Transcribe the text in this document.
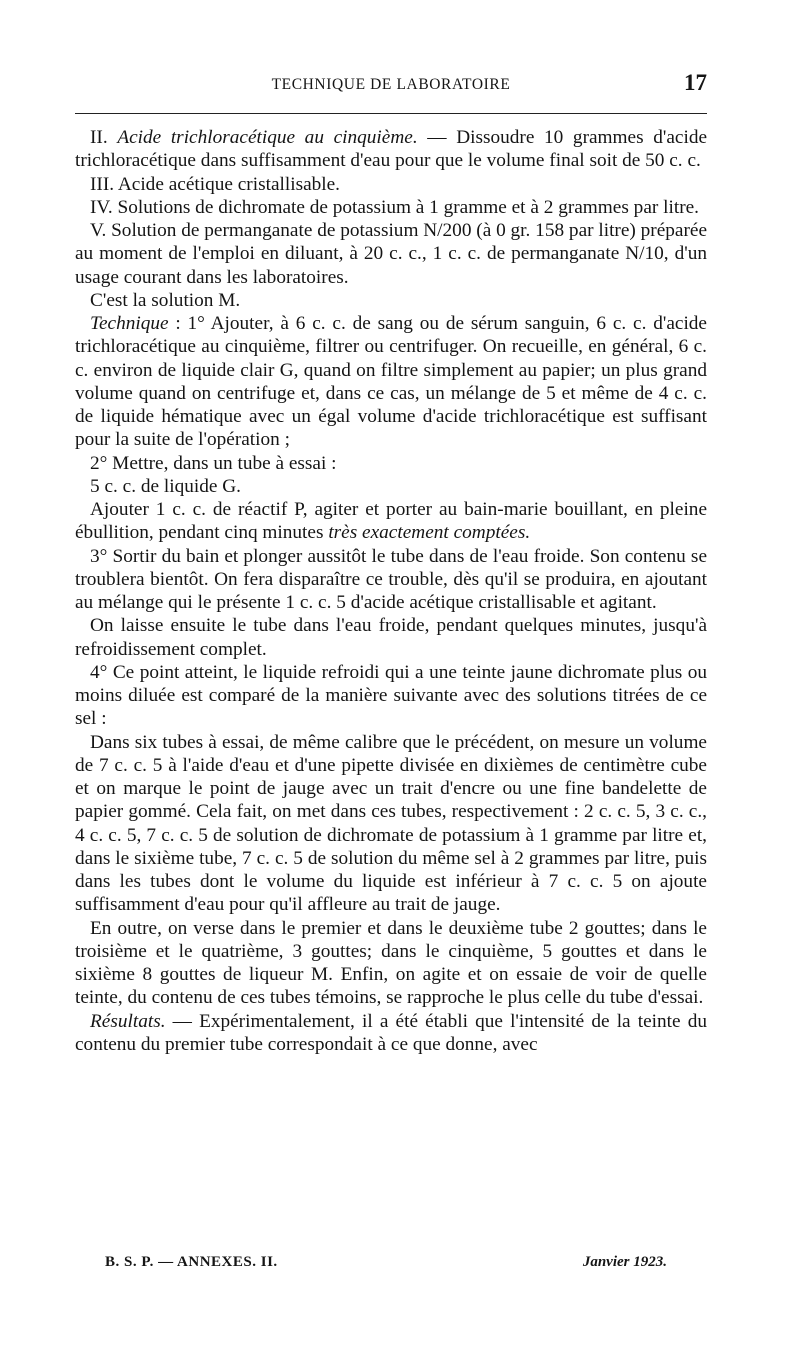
TECHNIQUE DE LABORATOIRE	17

II. Acide trichloracétique au cinquième. — Dissoudre 10 grammes d'acide trichloracétique dans suffisamment d'eau pour que le volume final soit de 50 c. c.

III. Acide acétique cristallisable.

IV. Solutions de dichromate de potassium à 1 gramme et à 2 grammes par litre.

V. Solution de permanganate de potassium N/200 (à 0 gr. 158 par litre) préparée au moment de l'emploi en diluant, à 20 c. c., 1 c. c. de permanganate N/10, d'un usage courant dans les laboratoires.

C'est la solution M.

Technique : 1° Ajouter, à 6 c. c. de sang ou de sérum sanguin, 6 c. c. d'acide trichloracétique au cinquième, filtrer ou centrifuger. On recueille, en général, 6 c. c. environ de liquide clair G, quand on filtre simplement au papier; un plus grand volume quand on centrifuge et, dans ce cas, un mélange de 5 et même de 4 c. c. de liquide hématique avec un égal volume d'acide trichloracétique est suffisant pour la suite de l'opération ;

2° Mettre, dans un tube à essai :

5 c. c. de liquide G.

Ajouter 1 c. c. de réactif P, agiter et porter au bain-marie bouillant, en pleine ébullition, pendant cinq minutes très exactement comptées.

3° Sortir du bain et plonger aussitôt le tube dans de l'eau froide. Son contenu se troublera bientôt. On fera disparaître ce trouble, dès qu'il se produira, en ajoutant au mélange qui le présente 1 c. c. 5 d'acide acétique cristallisable et agitant.

On laisse ensuite le tube dans l'eau froide, pendant quelques minutes, jusqu'à refroidissement complet.

4° Ce point atteint, le liquide refroidi qui a une teinte jaune dichromate plus ou moins diluée est comparé de la manière suivante avec des solutions titrées de ce sel :

Dans six tubes à essai, de même calibre que le précédent, on mesure un volume de 7 c. c. 5 à l'aide d'eau et d'une pipette divisée en dixièmes de centimètre cube et on marque le point de jauge avec un trait d'encre ou une fine bandelette de papier gommé. Cela fait, on met dans ces tubes, respectivement : 2 c. c. 5, 3 c. c., 4 c. c. 5, 7 c. c. 5 de solution de dichromate de potassium à 1 gramme par litre et, dans le sixième tube, 7 c. c. 5 de solution du même sel à 2 grammes par litre, puis dans les tubes dont le volume du liquide est inférieur à 7 c. c. 5 on ajoute suffisamment d'eau pour qu'il affleure au trait de jauge.

En outre, on verse dans le premier et dans le deuxième tube 2 gouttes; dans le troisième et le quatrième, 3 gouttes; dans le cinquième, 5 gouttes et dans le sixième 8 gouttes de liqueur M. Enfin, on agite et on essaie de voir de quelle teinte, du contenu de ces tubes témoins, se rapproche le plus celle du tube d'essai.

Résultats. — Expérimentalement, il a été établi que l'intensité de la teinte du contenu du premier tube correspondait à ce que donne, avec

B. S. P. — ANNEXES. II.	Janvier 1923.
